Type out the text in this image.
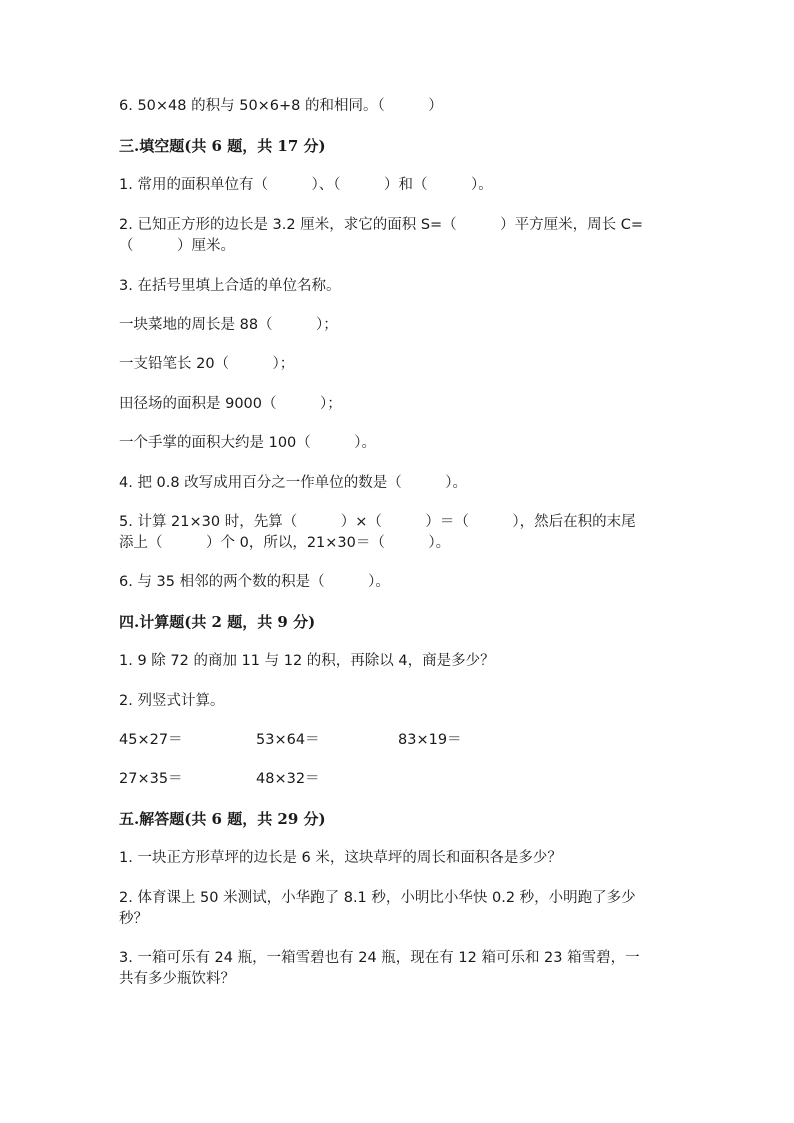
6. 50×48 的积与 50×6+8 的和相同。（　　　）
三.填空题(共 6 题，共 17 分)
1. 常用的面积单位有（　　　）、（　　　）和（　　　）。
2. 已知正方形的边长是 3.2 厘米，求它的面积 S=（　　　）平方厘米，周长 C=
（　　　）厘米。
3. 在括号里填上合适的单位名称。
一块菜地的周长是 88（　　　）；
一支铅笔长 20（　　　）；
田径场的面积是 9000（　　　）；
一个手掌的面积大约是 100（　　　）。
4. 把 0.8 改写成用百分之一作单位的数是（　　　）。
5. 计算 21×30 时，先算（　　　）×（　　　）＝（　　　），然后在积的末尾
添上（　　　）个 0，所以，21×30＝（　　　）。
6. 与 35 相邻的两个数的积是（　　　）。
四.计算题(共 2 题，共 9 分)
1. 9 除 72 的商加 11 与 12 的积，再除以 4，商是多少？
2. 列竖式计算。
45×27＝	53×64＝	83×19＝
27×35＝	48×32＝
五.解答题(共 6 题，共 29 分)
1. 一块正方形草坪的边长是 6 米，这块草坪的周长和面积各是多少？
2. 体育课上 50 米测试，小华跑了 8.1 秒，小明比小华快 0.2 秒，小明跑了多少
秒？
3. 一箱可乐有 24 瓶，一箱雪碧也有 24 瓶，现在有 12 箱可乐和 23 箱雪碧，一
共有多少瓶饮料？
